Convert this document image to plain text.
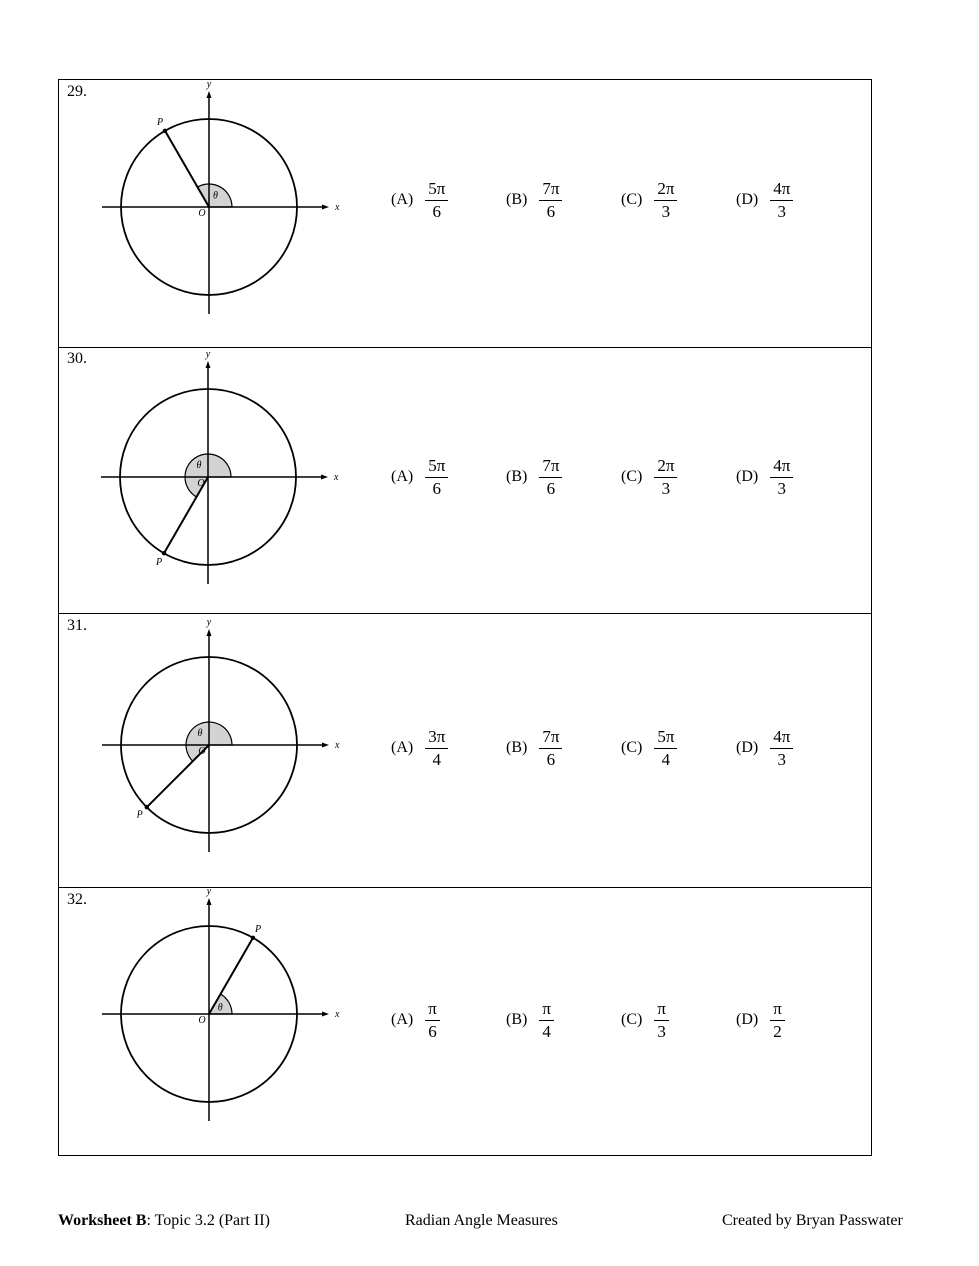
29.
x
y
O
P
θ	$(A) \frac{5\pi}{6}$	$(B) \frac{7\pi}{6}$	$(C) \frac{2\pi}{3}$	$(D) \frac{4\pi}{3}$
30.
x
y
O
P
θ
$(A) \frac{5\pi}{6}$	$(B) \frac{7\pi}{6}$	$(C) \frac{2\pi}{3}$	$(D) \frac{4\pi}{3}$
31.
x
y
O
P
θ
$(A) \frac{3\pi}{4}$	$(B) \frac{7\pi}{6}$	$(C) \frac{5\pi}{4}$	$(D) \frac{4\pi}{3}$
32.
x
y
O
P
θ
$(A) \frac{\pi}{6}$	$(B) \frac{\pi}{4}$	$(C) \frac{\pi}{3}$	$(D) \frac{\pi}{2}$
Worksheet B: Topic 3.2 (Part II)	Radian Angle Measures	Created by Bryan Passwater
